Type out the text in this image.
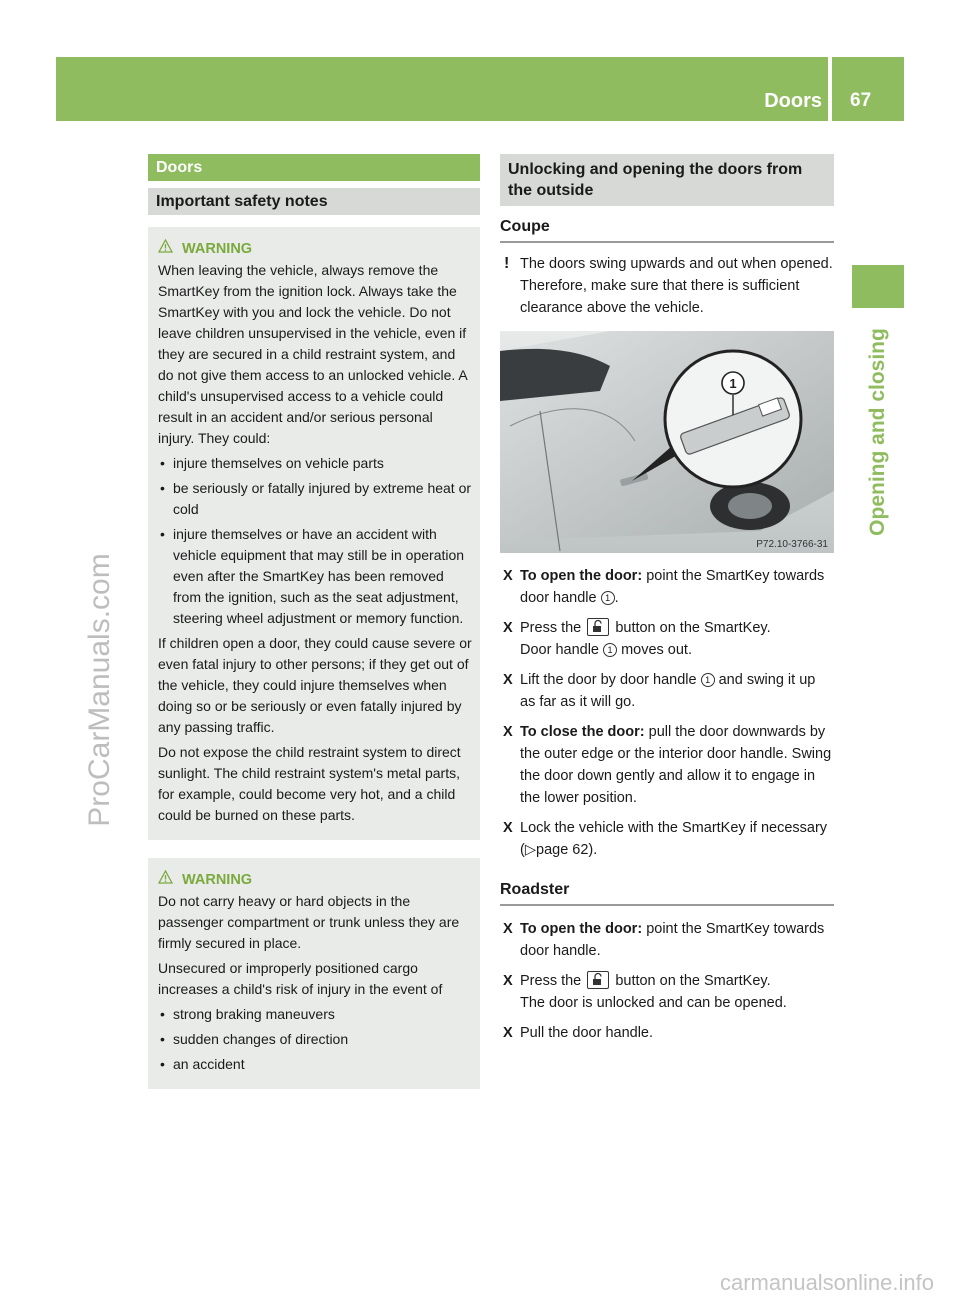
Doors 67
Opening and closing
ProCarManuals.com
carmanualsonline.info
Doors
Important safety notes
WARNING

When leaving the vehicle, always remove the SmartKey from the ignition lock. Always take the SmartKey with you and lock the vehicle. Do not leave children unsupervised in the vehicle, even if they are secured in a child restraint system, and do not give them access to an unlocked vehicle. A child's unsupervised access to a vehicle could result in an accident and/or serious personal injury. They could:

• injure themselves on vehicle parts
• be seriously or fatally injured by extreme heat or cold
• injure themselves or have an accident with vehicle equipment that may still be in operation even after the SmartKey has been removed from the ignition, such as the seat adjustment, steering wheel adjustment or memory function.

If children open a door, they could cause severe or even fatal injury to other persons; if they get out of the vehicle, they could injure themselves when doing so or be seriously or even fatally injured by any passing traffic.

Do not expose the child restraint system to direct sunlight. The child restraint system's metal parts, for example, could become very hot, and a child could be burned on these parts.

WARNING

Do not carry heavy or hard objects in the passenger compartment or trunk unless they are firmly secured in place.

Unsecured or improperly positioned cargo increases a child's risk of injury in the event of

• strong braking maneuvers
• sudden changes of direction
• an accident
Unlocking and opening the doors from the outside
Coupe
! The doors swing upwards and out when opened. Therefore, make sure that there is sufficient clearance above the vehicle.
1
P72.10-3766-31
X To open the door: point the SmartKey towards door handle 1 .
X Press the button on the SmartKey.
Door handle 1 moves out.
X Lift the door by door handle 1 and swing it up as far as it will go.
X To close the door: pull the door downwards by the outer edge or the interior door handle. Swing the door down gently and allow it to engage in the lower position.
X Lock the vehicle with the SmartKey if necessary (▷page 62).
Roadster
X To open the door: point the SmartKey towards door handle.
X Press the button on the SmartKey.
The door is unlocked and can be opened.
X Pull the door handle.
